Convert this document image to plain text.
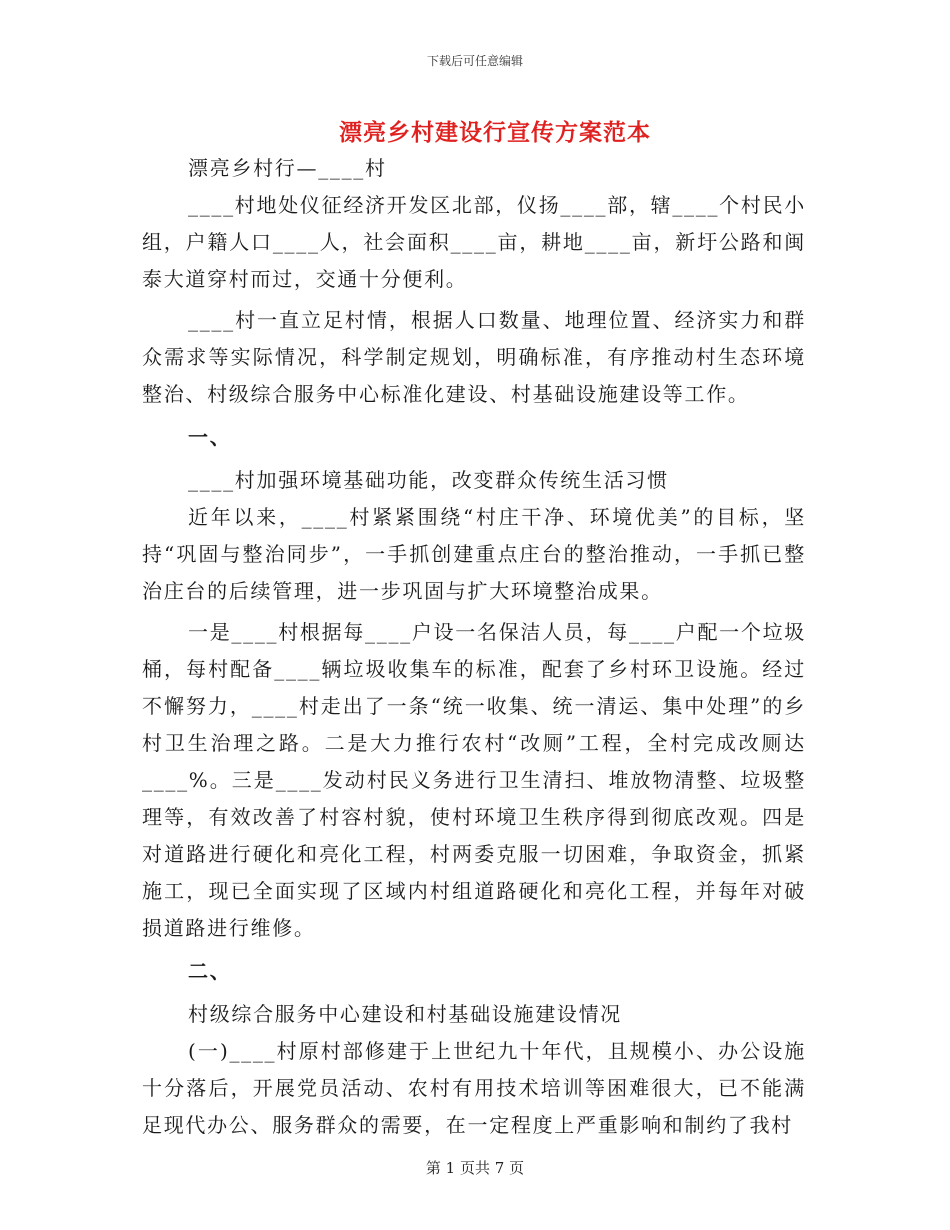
下载后可任意编辑
漂亮乡村建设行宣传方案范本

漂亮乡村行—____村

____村地处仪征经济开发区北部，仪扬____部，辖____个村民小组，户籍人口____人，社会面积____亩，耕地____亩，新圩公路和闽泰大道穿村而过，交通十分便利。

____村一直立足村情，根据人口数量、地理位置、经济实力和群众需求等实际情况，科学制定规划，明确标准，有序推动村生态环境整治、村级综合服务中心标准化建设、村基础设施建设等工作。

一、

____村加强环境基础功能，改变群众传统生活习惯

近年以来，____村紧紧围绕“村庄干净、环境优美”的目标，坚持“巩固与整治同步”，一手抓创建重点庄台的整治推动，一手抓已整治庄台的后续管理，进一步巩固与扩大环境整治成果。

一是____村根据每____户设一名保洁人员，每____户配一个垃圾桶，每村配备____辆垃圾收集车的标准，配套了乡村环卫设施。经过不懈努力，____村走出了一条“统一收集、统一清运、集中处理”的乡村卫生治理之路。二是大力推行农村“改厕”工程，全村完成改厕达____%。三是____发动村民义务进行卫生清扫、堆放物清整、垃圾整理等，有效改善了村容村貌，使村环境卫生秩序得到彻底改观。四是对道路进行硬化和亮化工程，村两委克服一切困难，争取资金，抓紧施工，现已全面实现了区域内村组道路硬化和亮化工程，并每年对破损道路进行维修。

二、

村级综合服务中心建设和村基础设施建设情况

(一)____村原村部修建于上世纪九十年代，且规模小、办公设施十分落后，开展党员活动、农村有用技术培训等困难很大，已不能满足现代办公、服务群众的需要，在一定程度上严重影响和制约了我村

第 1 页共 7 页
